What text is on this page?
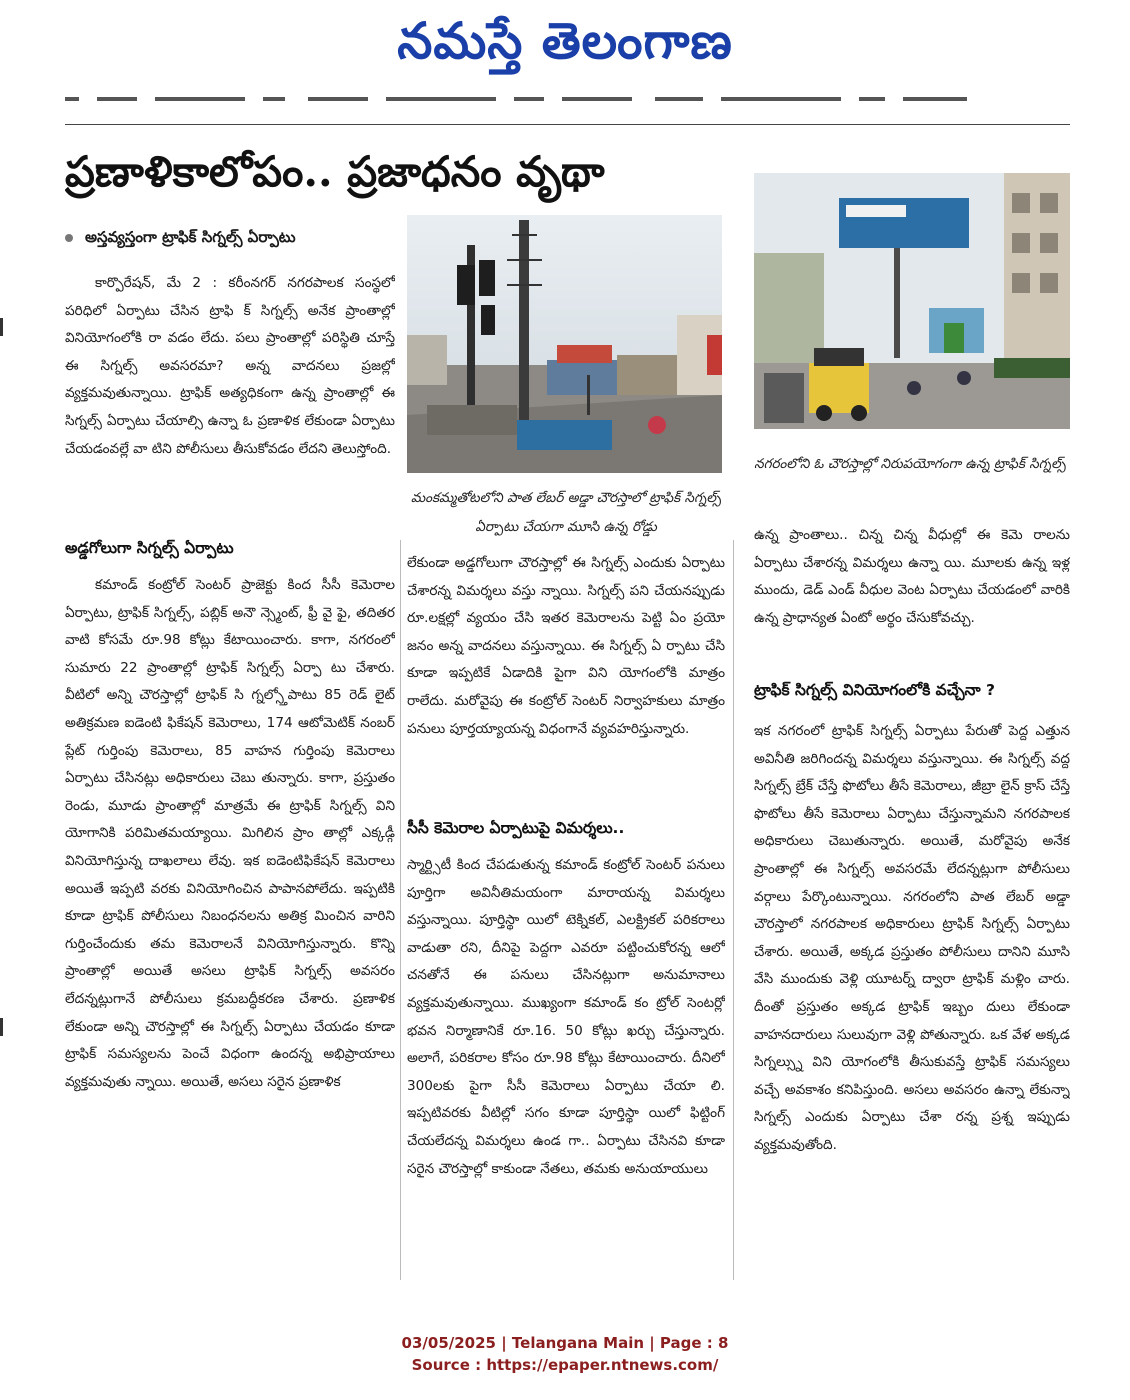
నమస్తే తెలంగాణ

ప్రణాళికాలోపం.. ప్రజాధనం వృథా
అస్తవ్యస్తంగా ట్రాఫిక్ సిగ్నల్స్ ఏర్పాటు

కార్పొరేషన్, మే 2 : కరీంనగర్ నగరపాలక సంస్థలో పరిధిలో ఏర్పాటు చేసిన ట్రాఫి క్ సిగ్నల్స్ అనేక ప్రాంతాల్లో వినియోగంలోకి రా వడం లేదు. పలు ప్రాంతాల్లో పరిస్థితి చూస్తే ఈ సిగ్నల్స్ అవసరమా? అన్న వాదనలు ప్రజల్లో వ్యక్తమవుతున్నాయి. ట్రాఫిక్ అత్యధికంగా ఉన్న ప్రాంతాల్లో ఈ సిగ్నల్స్ ఏర్పాటు చేయాల్సి ఉన్నా ఓ ప్రణాళిక లేకుండా ఏర్పాటు చేయడంవల్లే వా టిని పోలీసులు తీసుకోవడం లేదని తెలుస్తోంది.

అడ్డగోలుగా సిగ్నల్స్ ఏర్పాటు

కమాండ్ కంట్రోల్ సెంటర్ ప్రాజెక్టు కింద సీసీ కెమెరాల ఏర్పాటు, ట్రాఫిక్ సిగ్నల్స్, పబ్లిక్ అనౌ న్స్మెంట్, ఫ్రీ వై ఫై, తదితర వాటి కోసమే రూ.98 కోట్లు కేటాయించారు. కాగా, నగరంలో సుమారు 22 ప్రాంతాల్లో ట్రాఫిక్ సిగ్నల్స్ ఏర్పా టు చేశారు. వీటిలో అన్ని చౌరస్తాల్లో ట్రాఫిక్ సి గ్నల్స్తోపాటు 85 రెడ్ లైట్ అతిక్రమణ ఐడెంటి ఫికేషన్ కెమెరాలు, 174 ఆటోమెటిక్ నంబర్ ప్లేట్ గుర్తింపు కెమెరాలు, 85 వాహన గుర్తింపు కెమెరాలు ఏర్పాటు చేసినట్లు అధికారులు చెబు తున్నారు. కాగా, ప్రస్తుతం రెండు, మూడు ప్రాంతాల్లో మాత్రమే ఈ ట్రాఫిక్ సిగ్నల్స్ విని యోగానికి పరిమితమయ్యాయి. మిగిలిన ప్రాం తాల్లో ఎక్కడ్గీ వినియోగిస్తున్న దాఖలాలు లేవు. ఇక ఐడెంటిఫికేషన్ కెమెరాలు అయితే ఇప్పటి వరకు వినియోగించిన పాపానపోలేదు. ఇప్పటికి కూడా ట్రాఫిక్ పోలీసులు నిబంధనలను అతిక్ర మించిన వారిని గుర్తించేందుకు తమ కెమెరాలనే వినియోగిస్తున్నారు. కొన్ని ప్రాంతాల్లో అయితే అసలు ట్రాఫిక్ సిగ్నల్స్ అవసరం లేదన్నట్లుగానే పోలీసులు క్రమబద్ధీకరణ చేశారు. ప్రణాళిక లేకుండా అన్ని చౌరస్తాల్లో ఈ సిగ్నల్స్ ఏర్పాటు చేయడం కూడా ట్రాఫిక్ సమస్యలను పెంచే విధంగా ఉందన్న అభిప్రాయాలు వ్యక్తమవుతు న్నాయి. అయితే, అసలు సరైన ప్రణాళిక

మంకమ్మతోటలోని పాత లేబర్ అడ్డా చౌరస్తాలో ట్రాఫిక్ సిగ్నల్స్ ఏర్పాటు చేయగా మూసి ఉన్న రోడ్డు
నగరంలోని ఓ చౌరస్తాల్లో నిరుపయోగంగా ఉన్న ట్రాఫిక్ సిగ్నల్స్

లేకుండా అడ్డగోలుగా చౌరస్తాల్లో ఈ సిగ్నల్స్ ఎందుకు ఏర్పాటు చేశారన్న విమర్శలు వస్తు న్నాయి. సిగ్నల్స్ పని చేయనప్పుడు రూ.లక్షల్లో వ్యయం చేసి ఇతర కెమెరాలను పెట్టి ఏం ప్రయో జనం అన్న వాదనలు వస్తున్నాయి. ఈ సిగ్నల్స్ ఏ ర్పాటు చేసి కూడా ఇప్పటికే ఏడాదికి పైగా విని యోగంలోకి మాత్రం రాలేదు. మరోవైపు ఈ కంట్రోల్ సెంటర్ నిర్వాహకులు మాత్రం పనులు పూర్తయ్యాయన్న విధంగానే వ్యవహరిస్తున్నారు.

సీసీ కెమెరాల ఏర్పాటుపై విమర్శలు..

స్మార్ట్సిటీ కింద చేపడుతున్న కమాండ్ కంట్రోల్ సెంటర్ పనులు పూర్తిగా అవినీతిమయంగా మారాయన్న విమర్శలు వస్తున్నాయి. పూర్తిస్థా యిలో టెక్నికల్, ఎలక్ట్రికల్ పరికరాలు వాడుతా రని, దీనిపై పెద్దగా ఎవరూ పట్టించుకోరన్న ఆలో చనతోనే ఈ పనులు చేసినట్లుగా అనుమానాలు వ్యక్తమవుతున్నాయి. ముఖ్యంగా కమాండ్ కం ట్రోల్ సెంటర్లో భవన నిర్మాణానికే రూ.16. 50 కోట్లు ఖర్చు చేస్తున్నారు. అలాగే, పరికరాల కోసం రూ.98 కోట్లు కేటాయించారు. దీనిలో 300లకు పైగా సీసీ కెమెరాలు ఏర్పాటు చేయా లి. ఇప్పటివరకు వీటిల్లో సగం కూడా పూర్తిస్థా యిలో ఫిట్టింగ్ చేయలేదన్న విమర్శలు ఉండ గా.. ఏర్పాటు చేసినవి కూడా సరైన చౌరస్తాల్లో కాకుండా నేతలు, తమకు అనుయాయులు

ఉన్న ప్రాంతాలు.. చిన్న చిన్న వీధుల్లో ఈ కెమె రాలను ఏర్పాటు చేశారన్న విమర్శలు ఉన్నా యి. మూలకు ఉన్న ఇళ్ల ముందు, డెడ్ ఎండ్ వీధుల వెంట ఏర్పాటు చేయడంలో వారికి ఉన్న ప్రాధాన్యత ఏంటో అర్థం చేసుకోవచ్చు.

ట్రాఫిక్ సిగ్నల్స్ వినియోగంలోకి వచ్చేనా ?

ఇక నగరంలో ట్రాఫిక్ సిగ్నల్స్ ఏర్పాటు పేరుతో పెద్ద ఎత్తున అవినీతి జరిగిందన్న విమర్శలు వస్తున్నాయి. ఈ సిగ్నల్స్ వద్ద సిగ్నల్స్ బ్రేక్ చేస్తే ఫొటోలు తీసే కెమెరాలు, జీబ్రా లైన్ క్రాస్ చేస్తే ఫొటోలు తీసే కెమెరాలు ఏర్పాటు చేస్తున్నామని నగరపాలక అధికారులు చెబుతున్నారు. అయితే, మరోవైపు అనేక ప్రాంతాల్లో ఈ సిగ్నల్స్ అవసరమే లేదన్నట్లుగా పోలీసులు వర్గాలు పేర్కొంటున్నాయి. నగరంలోని పాత లేబర్ అడ్డా చౌరస్తాలో నగరపాలక అధికారులు ట్రాఫిక్ సిగ్నల్స్ ఏర్పాటు చేశారు. అయితే, అక్కడ ప్రస్తుతం పోలీసులు దానిని మూసి వేసి ముందుకు వెళ్లి యూటర్న్ ద్వారా ట్రాఫిక్ మళ్లిం చారు. దీంతో ప్రస్తుతం అక్కడ ట్రాఫిక్ ఇబ్బం దులు లేకుండా వాహనదారులు సులువుగా వెళ్లి పోతున్నారు. ఒక వేళ అక్కడ సిగ్నల్స్ను విని యోగంలోకి తీసుకువస్తే ట్రాఫిక్ సమస్యలు వచ్చే అవకాశం కనిపిస్తుంది. అసలు అవసరం ఉన్నా లేకున్నా సిగ్నల్స్ ఎందుకు ఏర్పాటు చేశా రన్న ప్రశ్న ఇప్పుడు వ్యక్తమవుతోంది.

03/05/2025 | Telangana Main | Page : 8
Source : https://epaper.ntnews.com/
